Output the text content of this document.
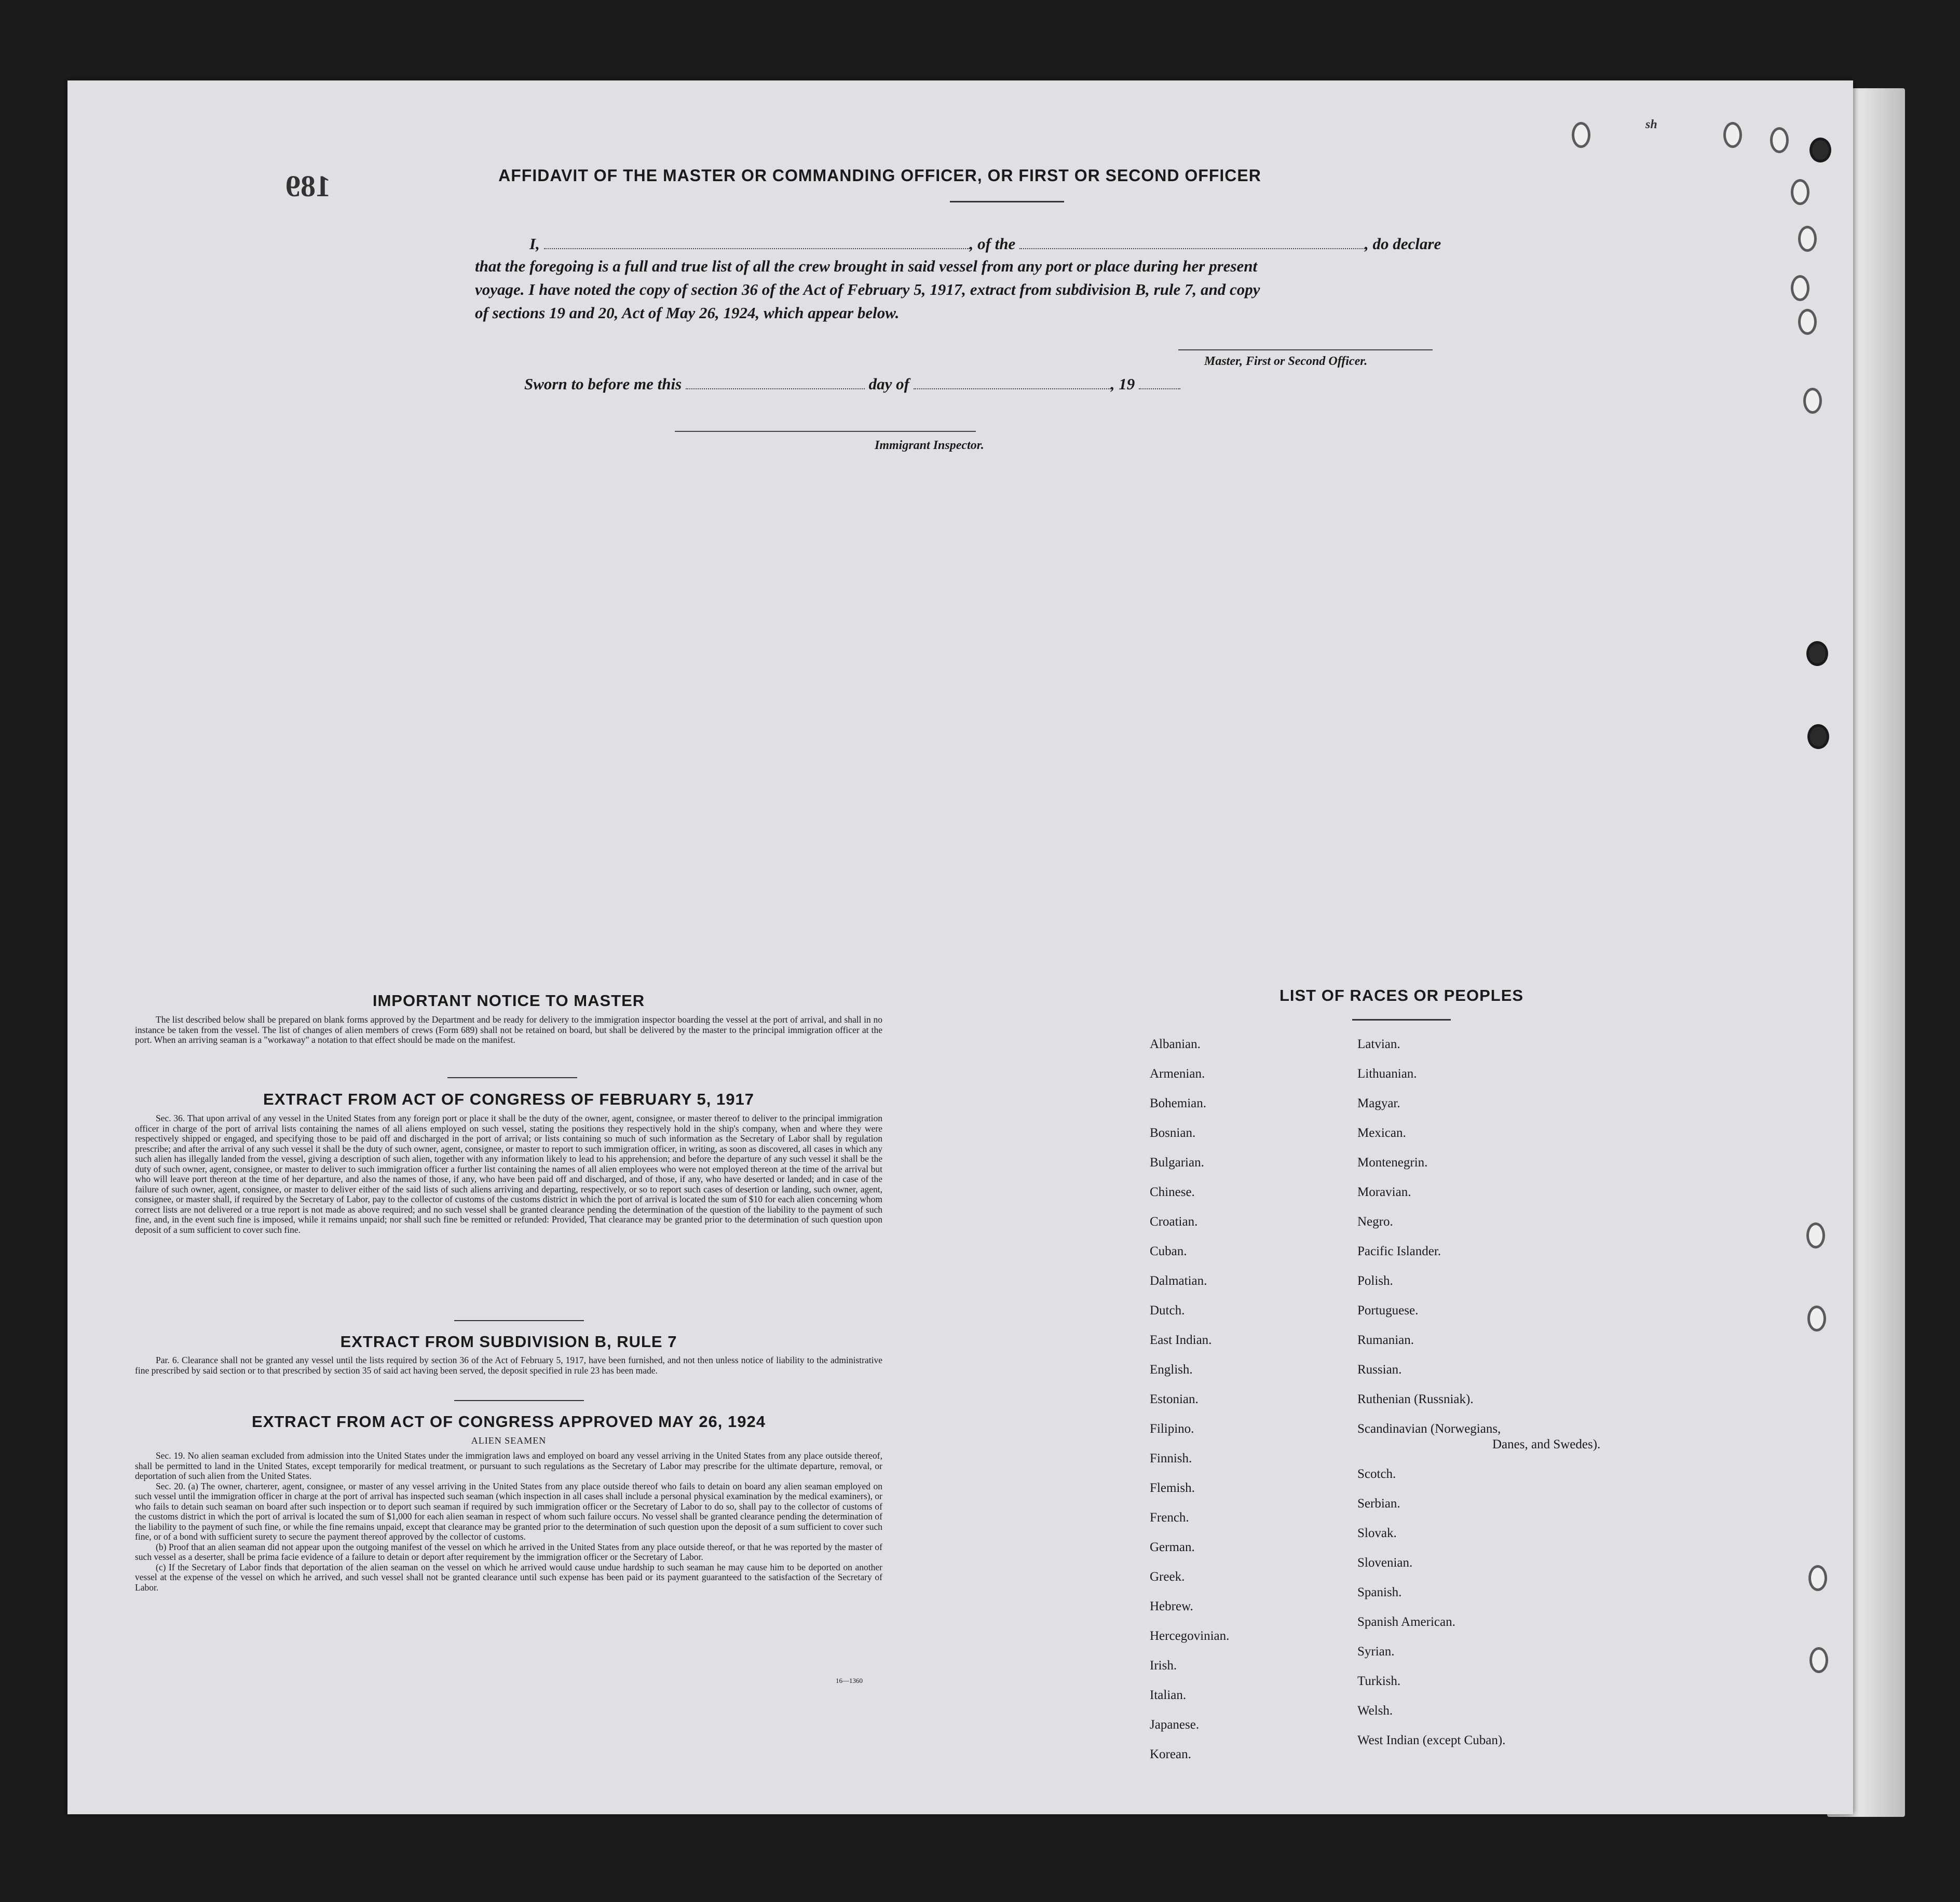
189
sh
AFFIDAVIT OF THE MASTER OR COMMANDING OFFICER, OR FIRST OR SECOND OFFICER
I,	, of the	, do declare
that the foregoing is a full and true list of all the crew brought in said vessel from any port or place during her present
voyage. I have noted the copy of section 36 of the Act of February 5, 1917, extract from subdivision B, rule 7, and copy
of sections 19 and 20, Act of May 26, 1924, which appear below.
Master, First or Second Officer.
Sworn to before me this	day of	, 19
Immigrant Inspector.
IMPORTANT NOTICE TO MASTER

The list described below shall be prepared on blank forms approved by the Department and be ready for delivery to the immigration inspector boarding the vessel at the port of arrival, and shall in no instance be taken from the vessel. The list of changes of alien members of crews (Form 689) shall not be retained on board, but shall be delivered by the master to the principal immigration officer at the port. When an arriving seaman is a "workaway" a notation to that effect should be made on the manifest.

EXTRACT FROM ACT OF CONGRESS OF FEBRUARY 5, 1917

Sec. 36. That upon arrival of any vessel in the United States from any foreign port or place it shall be the duty of the owner, agent, consignee, or master thereof to deliver to the principal immigration officer in charge of the port of arrival lists containing the names of all aliens employed on such vessel, stating the positions they respectively hold in the ship's company, when and where they were respectively shipped or engaged, and specifying those to be paid off and discharged in the port of arrival; or lists containing so much of such information as the Secretary of Labor shall by regulation prescribe; and after the arrival of any such vessel it shall be the duty of such owner, agent, consignee, or master to report to such immigration officer, in writing, as soon as discovered, all cases in which any such alien has illegally landed from the vessel, giving a description of such alien, together with any information likely to lead to his apprehension; and before the departure of any such vessel it shall be the duty of such owner, agent, consignee, or master to deliver to such immigration officer a further list containing the names of all alien employees who were not employed thereon at the time of the arrival but who will leave port thereon at the time of her departure, and also the names of those, if any, who have been paid off and discharged, and of those, if any, who have deserted or landed; and in case of the failure of such owner, agent, consignee, or master to deliver either of the said lists of such aliens arriving and departing, respectively, or so to report such cases of desertion or landing, such owner, agent, consignee, or master shall, if required by the Secretary of Labor, pay to the collector of customs of the customs district in which the port of arrival is located the sum of $10 for each alien concerning whom correct lists are not delivered or a true report is not made as above required; and no such vessel shall be granted clearance pending the determination of the question of the liability to the payment of such fine, and, in the event such fine is imposed, while it remains unpaid; nor shall such fine be remitted or refunded: Provided, That clearance may be granted prior to the determination of such question upon deposit of a sum sufficient to cover such fine.

EXTRACT FROM SUBDIVISION B, RULE 7

Par. 6. Clearance shall not be granted any vessel until the lists required by section 36 of the Act of February 5, 1917, have been furnished, and not then unless notice of liability to the administrative fine prescribed by said section or to that prescribed by section 35 of said act having been served, the deposit specified in rule 23 has been made.

EXTRACT FROM ACT OF CONGRESS APPROVED MAY 26, 1924
ALIEN SEAMEN

Sec. 19. No alien seaman excluded from admission into the United States under the immigration laws and employed on board any vessel arriving in the United States from any place outside thereof, shall be permitted to land in the United States, except temporarily for medical treatment, or pursuant to such regulations as the Secretary of Labor may prescribe for the ultimate departure, removal, or deportation of such alien from the United States.

Sec. 20. (a) The owner, charterer, agent, consignee, or master of any vessel arriving in the United States from any place outside thereof who fails to detain on board any alien seaman employed on such vessel until the immigration officer in charge at the port of arrival has inspected such seaman (which inspection in all cases shall include a personal physical examination by the medical examiners), or who fails to detain such seaman on board after such inspection or to deport such seaman if required by such immigration officer or the Secretary of Labor to do so, shall pay to the collector of customs of the customs district in which the port of arrival is located the sum of $1,000 for each alien seaman in respect of whom such failure occurs. No vessel shall be granted clearance pending the determination of the liability to the payment of such fine, or while the fine remains unpaid, except that clearance may be granted prior to the determination of such question upon the deposit of a sum sufficient to cover such fine, or of a bond with sufficient surety to secure the payment thereof approved by the collector of customs.

(b) Proof that an alien seaman did not appear upon the outgoing manifest of the vessel on which he arrived in the United States from any place outside thereof, or that he was reported by the master of such vessel as a deserter, shall be prima facie evidence of a failure to detain or deport after requirement by the immigration officer or the Secretary of Labor.

(c) If the Secretary of Labor finds that deportation of the alien seaman on the vessel on which he arrived would cause undue hardship to such seaman he may cause him to be deported on another vessel at the expense of the vessel on which he arrived, and such vessel shall not be granted clearance until such expense has been paid or its payment guaranteed to the satisfaction of the Secretary of Labor.

16—1360
LIST OF RACES OR PEOPLES
Albanian.
Armenian.
Bohemian.
Bosnian.
Bulgarian.
Chinese.
Croatian.
Cuban.
Dalmatian.
Dutch.
East Indian.
English.
Estonian.
Filipino.
Finnish.
Flemish.
French.
German.
Greek.
Hebrew.
Hercegovinian.
Irish.
Italian.
Japanese.
Korean.
Latvian.
Lithuanian.
Magyar.
Mexican.
Montenegrin.
Moravian.
Negro.
Pacific Islander.
Polish.
Portuguese.
Rumanian.
Russian.
Ruthenian (Russniak).
Scandinavian (Norwegians,
Danes, and Swedes).
Scotch.
Serbian.
Slovak.
Slovenian.
Spanish.
Spanish American.
Syrian.
Turkish.
Welsh.
West Indian (except Cuban).
